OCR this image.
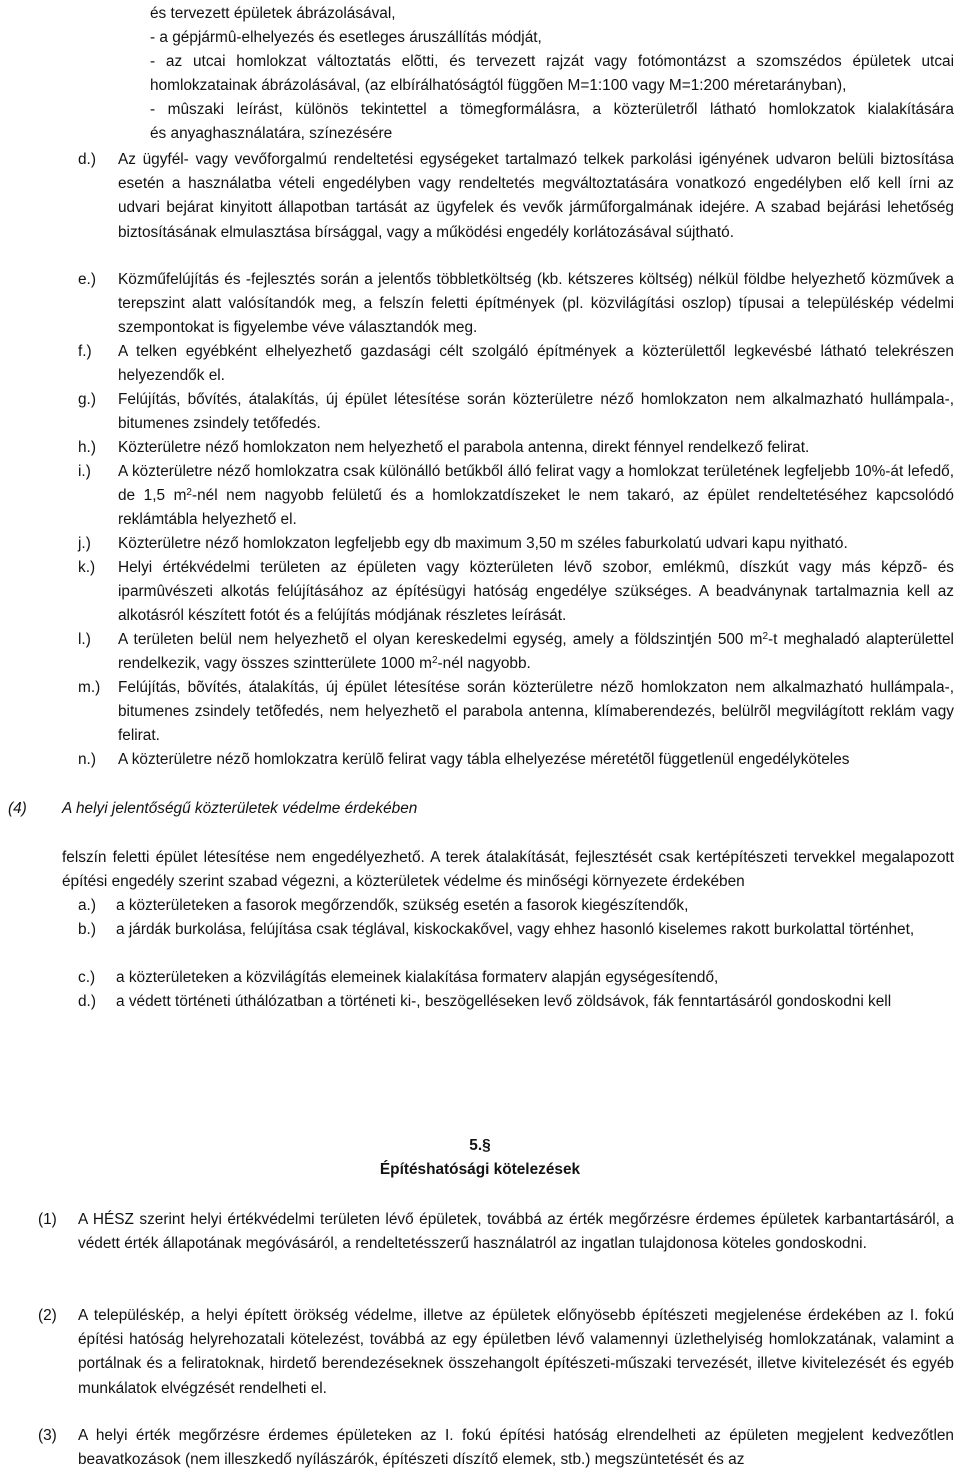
és tervezett épületek ábrázolásával,
- a gépjármû-elhelyezés és esetleges áruszállítás módját,
- az utcai homlokzat változtatás elõtti, és tervezett rajzát vagy fotómontázst a szomszédos épületek utcai
homlokzatainak ábrázolásával, (az elbírálhatóságtól függõen M=1:100 vagy M=1:200 méretarányban),
- mûszaki leírást, különös tekintettel a tömegformálásra, a közterületről látható homlokzatok kialakítására
és anyaghasználatára, színezésére
d.) Az ügyfél- vagy vevőforgalmú rendeltetési egységeket tartalmazó telkek parkolási igényének udvaron belüli biztosítása esetén a használatba vételi engedélyben vagy rendeltetés megváltoztatására vonatkozó engedélyben elő kell írni az udvari bejárat kinyitott állapotban tartását az ügyfelek és vevők járműforgalmának idejére. A szabad bejárási lehetőség biztosításának elmulasztása bírsággal, vagy a működési engedély korlátozásával sújtható.
e.) Közműfelújítás és -fejlesztés során a jelentős többletköltség (kb. kétszeres költség) nélkül földbe helyezhető közművek a terepszint alatt valósítandók meg, a felszín feletti építmények (pl. közvilágítási oszlop) típusai a településkép védelmi szempontokat is figyelembe véve választandók meg.
f.) A telken egyébként elhelyezhető gazdasági célt szolgáló építmények a közterülettől legkevésbé látható telekrészen helyezendők el.
g.) Felújítás, bővítés, átalakítás, új épület létesítése során közterületre néző homlokzaton nem alkalmazható hullámpala-, bitumenes zsindely tetőfedés.
h.) Közterületre néző homlokzaton nem helyezhető el parabola antenna, direkt fénnyel rendelkező felirat.
i.) A közterületre néző homlokzatra csak különálló betűkből álló felirat vagy a homlokzat területének legfeljebb 10%-át lefedő, de 1,5 $m^2$-nél nem nagyobb felületű és a homlokzatdíszeket le nem takaró, az épület rendeltetéséhez kapcsolódó reklámtábla helyezhető el.
j.) Közterületre néző homlokzaton legfeljebb egy db maximum 3,50 m széles faburkolatú udvari kapu nyitható.
k.) Helyi értékvédelmi területen az épületen vagy közterületen lévõ szobor, emlékmû, díszkút vagy más képzõ- és iparmûvészeti alkotás felújításához az építésügyi hatóság engedélye szükséges. A beadványnak tartalmaznia kell az alkotásról készített fotót és a felújítás módjának részletes leírását.
l.) A területen belül nem helyezhetõ el olyan kereskedelmi egység, amely a földszintjén 500 $m^2-t$ meghaladó alapterülettel rendelkezik, vagy összes szintterülete 1000 $m^2$-nél nagyobb.
m.) Felújítás, bõvítés, átalakítás, új épület létesítése során közterületre nézõ homlokzaton nem alkalmazható hullámpala-, bitumenes zsindely tetõfedés, nem helyezhetõ el parabola antenna, klímaberendezés, belülrõl megvilágított reklám vagy felirat.
n.) A közterületre nézõ homlokzatra kerülõ felirat vagy tábla elhelyezése méretétõl függetlenül engedélyköteles
(4) A helyi jelentőségű közterületek védelme érdekében
felszín feletti épület létesítése nem engedélyezhető. A terek átalakítását, fejlesztését csak kertépítészeti tervekkel megalapozott építési engedély szerint szabad végezni, a közterületek védelme és minőségi környezete érdekében
a.) a közterületeken a fasorok megőrzendők, szükség esetén a fasorok kiegészítendők,
b.) a járdák burkolása, felújítása csak téglával, kiskockakővel, vagy ehhez hasonló kiselemes rakott burkolattal történhet,
c.) a közterületeken a közvilágítás elemeinek kialakítása formaterv alapján egységesítendő,
d.) a védett történeti úthálózatban a történeti ki-, beszögelléseken levő zöldsávok, fák fenntartásáról gondoskodni kell
5.§
Építéshatósági kötelezések
(1) A HÉSZ szerint helyi értékvédelmi területen lévő épületek, továbbá az érték megőrzésre érdemes épületek karbantartásáról, a védett érték állapotának megóvásáról, a rendeltetésszerű használatról az ingatlan tulajdonosa köteles gondoskodni.
(2) A településkép, a helyi épített örökség védelme, illetve az épületek előnyösebb építészeti megjelenése érdekében az I. fokú építési hatóság helyrehozatali kötelezést, továbbá az egy épületben lévő valamennyi üzlethelyiség homlokzatának, valamint a portálnak és a feliratoknak, hirdető berendezéseknek összehangolt építészeti-műszaki tervezését, illetve kivitelezését és egyéb munkálatok elvégzését rendelheti el.
(3) A helyi érték megőrzésre érdemes épületeken az I. fokú építési hatóság elrendelheti az épületen megjelent kedvezőtlen beavatkozások (nem illeszkedő nyílászárók, építészeti díszítő elemek, stb.) megszüntetését és az
